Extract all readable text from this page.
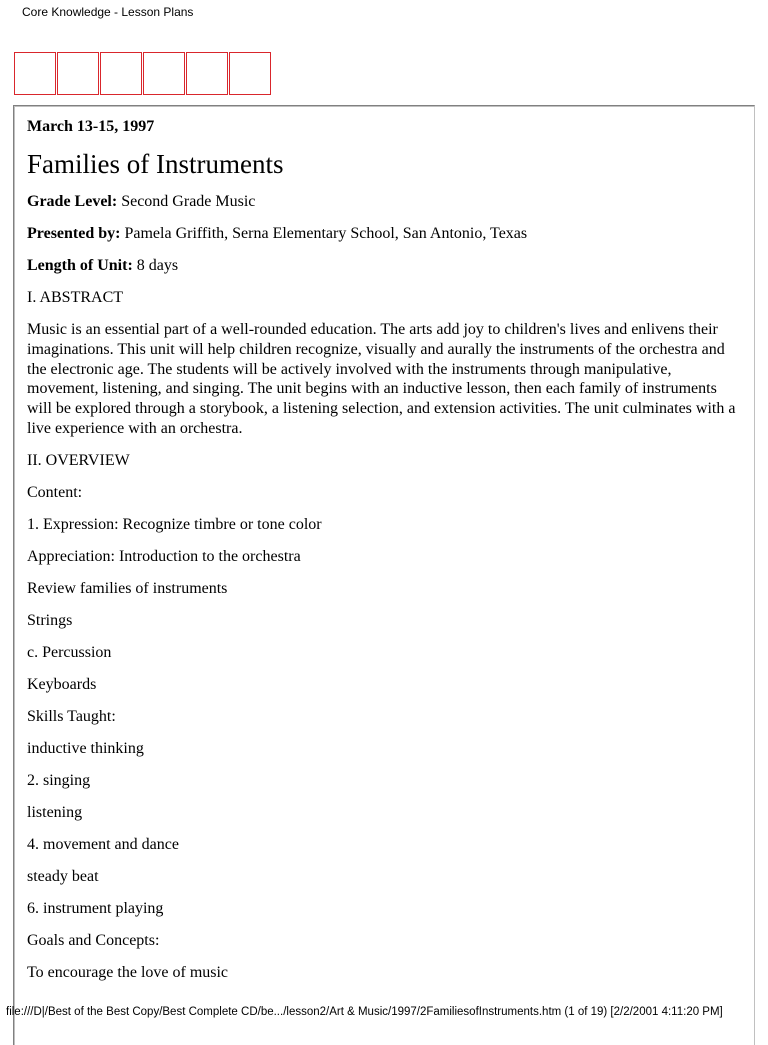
Core Knowledge - Lesson Plans

March 13-15, 1997

Families of Instruments

Grade Level: Second Grade Music

Presented by: Pamela Griffith, Serna Elementary School, San Antonio, Texas

Length of Unit: 8 days

I. ABSTRACT

Music is an essential part of a well-rounded education. The arts add joy to children's lives and enlivens their imaginations. This unit will help children recognize, visually and aurally the instruments of the orchestra and the electronic age. The students will be actively involved with the instruments through manipulative, movement, listening, and singing. The unit begins with an inductive lesson, then each family of instruments will be explored through a storybook, a listening selection, and extension activities. The unit culminates with a live experience with an orchestra.

II. OVERVIEW

Content:

1. Expression: Recognize timbre or tone color

Appreciation: Introduction to the orchestra

Review families of instruments

Strings

c. Percussion

Keyboards

Skills Taught:

inductive thinking

2. singing

listening

4. movement and dance

steady beat

6. instrument playing

Goals and Concepts:

To encourage the love of music

file:///D|/Best of the Best Copy/Best Complete CD/be.../lesson2/Art & Music/1997/2FamiliesofInstruments.htm (1 of 19) [2/2/2001 4:11:20 PM]
